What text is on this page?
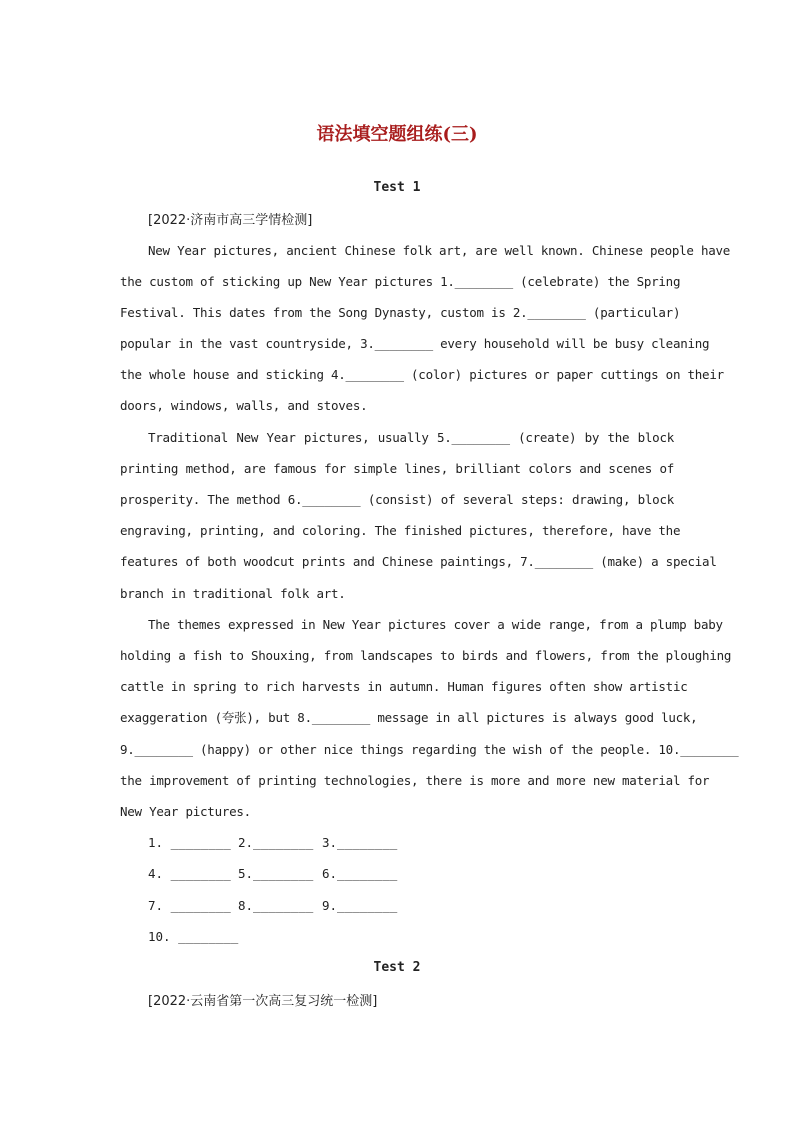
语法填空题组练(三)
Test 1
[2022·济南市高三学情检测]
New Year pictures, ancient Chinese folk art, are well known. Chinese people have
the custom of sticking up New Year pictures 1.________ (celebrate) the Spring
Festival. This dates from the Song Dynasty, custom is 2.________ (particular)
popular in the vast countryside, 3.________ every household will be busy cleaning
the whole house and sticking 4.________ (color) pictures or paper cuttings on their
doors, windows, walls, and stoves.
Traditional New Year pictures, usually 5.________ (create) by the block
printing method, are famous for simple lines, brilliant colors and scenes of
prosperity. The method 6.________ (consist) of several steps: drawing, block
engraving, printing, and coloring. The finished pictures, therefore, have the
features of both woodcut prints and Chinese paintings, 7.________ (make) a special
branch in traditional folk art.
The themes expressed in New Year pictures cover a wide range, from a plump baby
holding a fish to Shouxing, from landscapes to birds and flowers, from the ploughing
cattle in spring to rich harvests in autumn. Human figures often show artistic
exaggeration (夸张), but 8.________ message in all pictures is always good luck,
9.________ (happy) or other nice things regarding the wish of the people. 10.________
the improvement of printing technologies, there is more and more new material for
New Year pictures.
1. ________ 2.________ 3.________
4. ________ 5.________ 6.________
7. ________ 8.________ 9.________
10. ________
Test 2
[2022·云南省第一次高三复习统一检测]
